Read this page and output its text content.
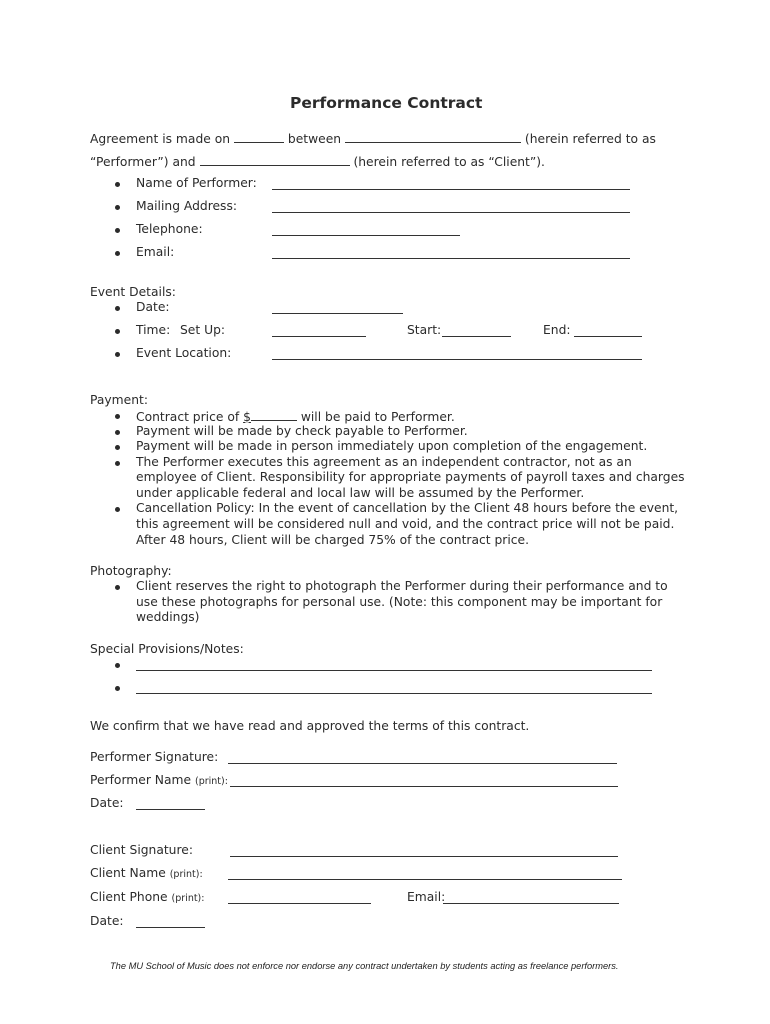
Performance Contract
Agreement is made on	between	(herein referred to as
“Performer”) and	(herein referred to as “Client”).
Name of Performer:
Mailing Address:
Telephone:
Email:
Event Details:
Date:
Time: Set Up:	Start:	End:
Event Location:
Payment:
Contract price of $	will be paid to Performer.
Payment will be made by check payable to Performer.
Payment will be made in person immediately upon completion of the engagement.
The Performer executes this agreement as an independent contractor, not as an
employee of Client. Responsibility for appropriate payments of payroll taxes and charges
under applicable federal and local law will be assumed by the Performer.
Cancellation Policy: In the event of cancellation by the Client 48 hours before the event,
this agreement will be considered null and void, and the contract price will not be paid.
After 48 hours, Client will be charged 75% of the contract price.
Photography:
Client reserves the right to photograph the Performer during their performance and to
use these photographs for personal use. (Note: this component may be important for
weddings)
Special Provisions/Notes:
We confirm that we have read and approved the terms of this contract.
Performer Signature:
Performer Name (print):
Date:
Client Signature:
Client Name (print):
Client Phone (print):	Email:
Date:
The MU School of Music does not enforce nor endorse any contract undertaken by students acting as freelance performers.
